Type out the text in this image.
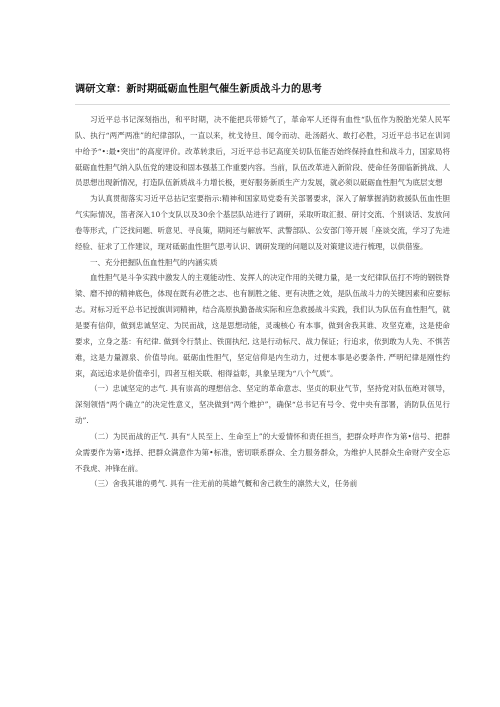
调研文章：新时期砥砺血性胆气催生新质战斗力的思考

习近平总书记深刻指出，和平时期，决不能把兵带娇气了，革命军人还得有血性“队伍作为脱胎光荣人民军队、执行“两严两准”的纪律部队，一直以来，枕戈待旦、闻令而动、赴汤蹈火、敢打必胜，习近平总书记在训词中给予“•:最•突出”的高度评价。改革转隶后，习近平总书记高度关切队伍能否始终保持血性和战斗力，国家局将砥砺血性胆气纳入队伍党的建设和固本强基工作重要内容。当前，队伍改革进入新阶段、使命任务面临新挑战、人员思想出现新情况，打造队伍新质战斗力增长极，更好服务新质生产力发展，就必须以砥砺血性胆气为底层支想

为认真贯彻落实习近平总拈记室要指示:精神和国家局党委有关部署要求，深入了解掌握消防救援队伍血性胆气实际情况，笛者深入10个支队以及30余个基层队站进行了调研，采取听取汇报、研讨交流、个别谈话、发放问卷等形式，广泛找问题、听意见、寻良策，期间还与解放军、武警部队、公安部门等开展「座谈交流，学习了先进经验、征求了工作建议，现对砥砺血性胆气思考认识、调研发现的问题以及对策建议进行梳理，以供借鉴。

一、充分把握队伍血性胆气的内涵实质

血性胆气是斗争实践中激发人的主观能动性、发挥人的决定作用的关键力量，是一支纪律队伍打不垮的钢铁脊梁、磨不掉的精神底色，体现在既有必胜之志、也有制胜之能、更有决胜之效，是队伍战斗力的关键因素和应要标志。对标习近平总书记授旗训词精神，结合高原执勤备战实际和应急救援战斗实践，我们认为队伍有血性胆气，就是要有信仰，做到忠诚坚定、为民而战，这是思想动能，灵魂核心 有本事，做到舍我其谁、攻坚克难，这是使命要求，立身之基：有纪律. 做到令行禁止、铁面执纪, 这是行动标尺、战力保证；行追求，依到敢为人先、不惧苦难，这是力量源泉、价值导向。砥砺血性胆气，坚定信仰是内生动力，过便本事是必要条件, 严明纪律是刚性约束，高远追求是价值牵引，四者互相关联、相得益彰，具象呈现为“八个气质”。

（一）忠诚坚定的志气. 具有崇高的理想信念、坚定的革命意志、坚贞的职业气节，坚持党对队伍绝对领导，深刻领悟“两个确立”的决定性意义，坚决做到“两个维护”，确保“总书记有号令、党中央有部署，消防队伍见行动”.

（二）为民而战的正气. 具有“人民至上、生命至上”的大爱情怀和责任担当，把群众呼声作为第•信号、把群众需要作为第•选择、把群众满意作为第•标准，密切联系群众、全力服务群众，为维护人民群众生命财产安全忘不我虎、冲锋在前。

（三）舍我其谁的勇气. 具有一往无前的英雄气概和舍己救生的凛然大义，任务前
